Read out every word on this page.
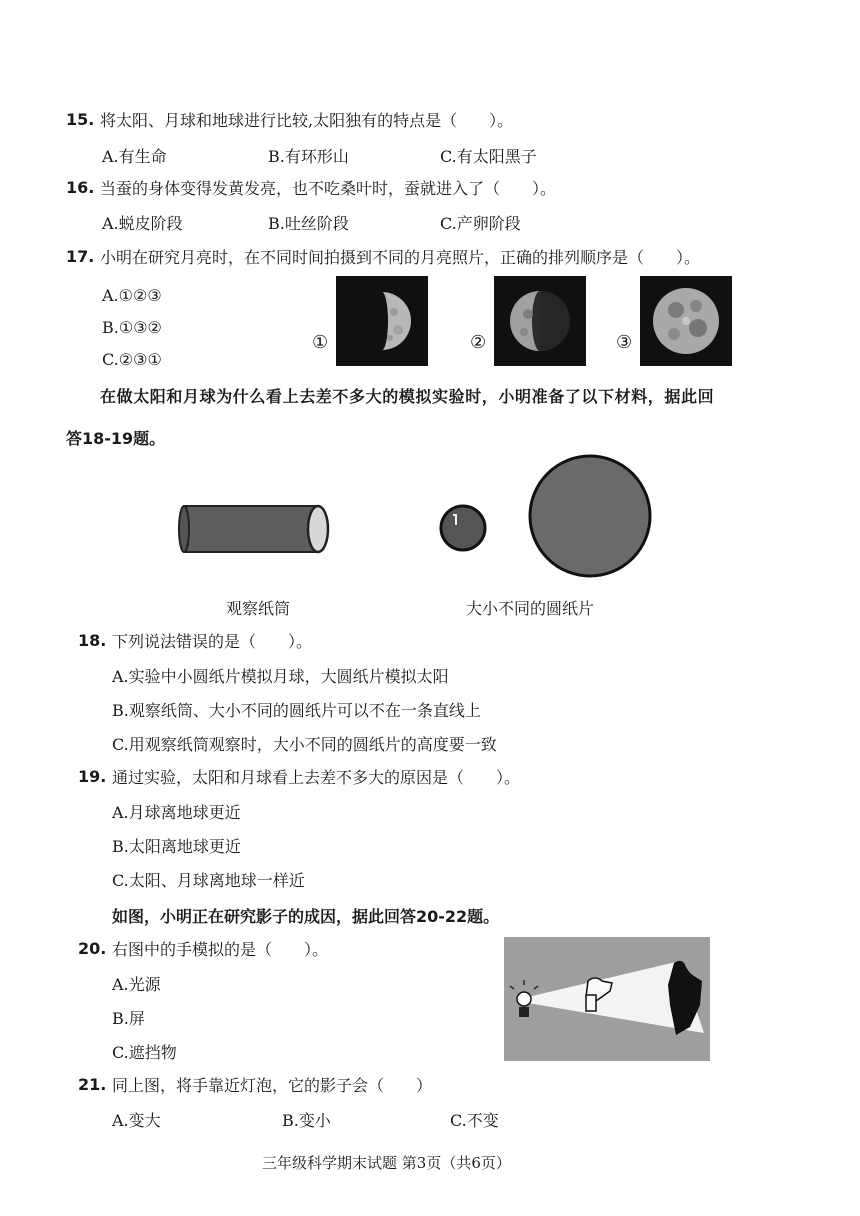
15. 将太阳、月球和地球进行比较,太阳独有的特点是（　　）。
A.有生命	B.有环形山	C.有太阳黑子
16. 当蚕的身体变得发黄发亮，也不吃桑叶时，蚕就进入了（　　）。
A.蜕皮阶段	B.吐丝阶段	C.产卵阶段
17. 小明在研究月亮时，在不同时间拍摄到不同的月亮照片，正确的排列顺序是（　　）。
A.①②③
B.①③②
C.②③①
①	②	③
在做太阳和月球为什么看上去差不多大的模拟实验时，小明准备了以下材料，据此回
答18-19题。
观察纸筒	大小不同的圆纸片
18. 下列说法错误的是（　　）。
A.实验中小圆纸片模拟月球，大圆纸片模拟太阳
B.观察纸筒、大小不同的圆纸片可以不在一条直线上
C.用观察纸筒观察时，大小不同的圆纸片的高度要一致
19. 通过实验，太阳和月球看上去差不多大的原因是（　　）。
A.月球离地球更近
B.太阳离地球更近
C.太阳、月球离地球一样近
如图，小明正在研究影子的成因，据此回答20-22题。
20. 右图中的手模拟的是（　　）。
A.光源
B.屏
C.遮挡物
21. 同上图，将手靠近灯泡，它的影子会（　　）
A.变大	B.变小	C.不变
三年级科学期末试题 第3页（共6页）
